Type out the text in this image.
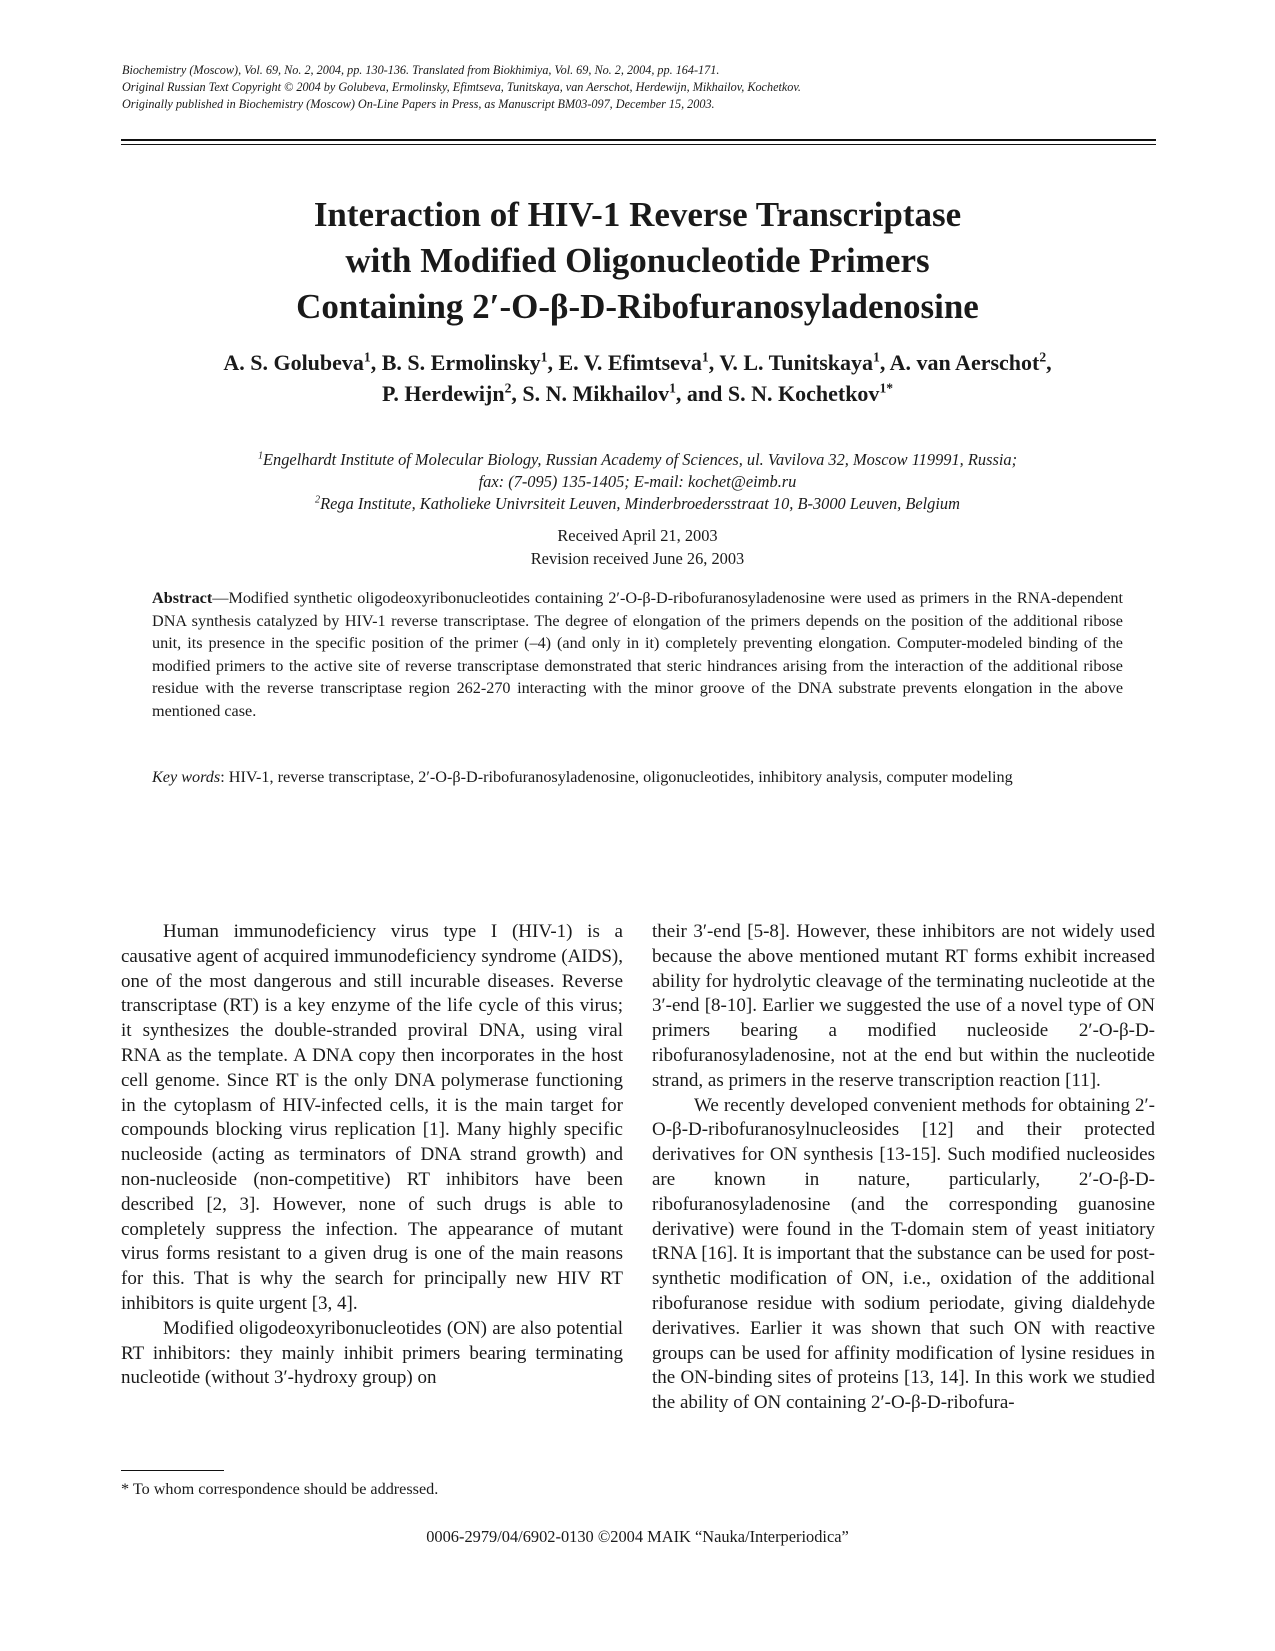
Biochemistry (Moscow), Vol. 69, No. 2, 2004, pp. 130-136. Translated from Biokhimiya, Vol. 69, No. 2, 2004, pp. 164-171.
Original Russian Text Copyright © 2004 by Golubeva, Ermolinsky, Efimtseva, Tunitskaya, van Aerschot, Herdewijn, Mikhailov, Kochetkov.
Originally published in Biochemistry (Moscow) On-Line Papers in Press, as Manuscript BM03-097, December 15, 2003.
Interaction of HIV-1 Reverse Transcriptase
with Modified Oligonucleotide Primers
Containing 2′-O-β-D-Ribofuranosyladenosine
A. S. Golubeva$^1$, B. S. Ermolinsky$^1$, E. V. Efimtseva$^1$, V. L. Tunitskaya$^1$, A. van Aerschot$^2$,
P. Herdewijn$^2$, S. N. Mikhailov$^1$, and S. N. Kochetkov$^{1*}$
$^1$Engelhardt Institute of Molecular Biology, Russian Academy of Sciences, ul. Vavilova 32, Moscow 119991, Russia;
fax: (7-095) 135-1405; E-mail: kochet@eimb.ru
$^2$Rega Institute, Katholieke Univrsiteit Leuven, Minderbroedersstraat 10, B-3000 Leuven, Belgium
Received April 21, 2003
Revision received June 26, 2003
Abstract—Modified synthetic oligodeoxyribonucleotides containing 2′-O-β-D-ribofuranosyladenosine were used as primers in the RNA-dependent DNA synthesis catalyzed by HIV-1 reverse transcriptase. The degree of elongation of the primers depends on the position of the additional ribose unit, its presence in the specific position of the primer (–4) (and only in it) completely preventing elongation. Computer-modeled binding of the modified primers to the active site of reverse transcriptase demonstrated that steric hindrances arising from the interaction of the additional ribose residue with the reverse transcriptase region 262-270 interacting with the minor groove of the DNA substrate prevents elongation in the above mentioned case.
Key words: HIV-1, reverse transcriptase, 2′-O-β-D-ribofuranosyladenosine, oligonucleotides, inhibitory analysis, computer modeling

Human immunodeficiency virus type I (HIV-1) is a causative agent of acquired immunodeficiency syndrome (AIDS), one of the most dangerous and still incurable diseases. Reverse transcriptase (RT) is a key enzyme of the life cycle of this virus; it synthesizes the double-stranded proviral DNA, using viral RNA as the template. A DNA copy then incorporates in the host cell genome. Since RT is the only DNA polymerase functioning in the cytoplasm of HIV-infected cells, it is the main target for compounds blocking virus replication [1]. Many highly specific nucleoside (acting as terminators of DNA strand growth) and non-nucleoside (non-competitive) RT inhibitors have been described [2, 3]. However, none of such drugs is able to completely suppress the infection. The appearance of mutant virus forms resistant to a given drug is one of the main reasons for this. That is why the search for principally new HIV RT inhibitors is quite urgent [3, 4].

Modified oligodeoxyribonucleotides (ON) are also potential RT inhibitors: they mainly inhibit primers bearing terminating nucleotide (without 3′-hydroxy group) on

their 3′-end [5-8]. However, these inhibitors are not widely used because the above mentioned mutant RT forms exhibit increased ability for hydrolytic cleavage of the terminating nucleotide at the 3′-end [8-10]. Earlier we suggested the use of a novel type of ON primers bearing a modified nucleoside 2′-O-β-D-ribofuranosyladenosine, not at the end but within the nucleotide strand, as primers in the reserve transcription reaction [11].

We recently developed convenient methods for obtaining 2′-O-β-D-ribofuranosylnucleosides [12] and their protected derivatives for ON synthesis [13-15]. Such modified nucleosides are known in nature, particularly, 2′-O-β-D-ribofuranosyladenosine (and the corresponding guanosine derivative) were found in the T-domain stem of yeast initiatory tRNA [16]. It is important that the substance can be used for post-synthetic modification of ON, i.e., oxidation of the additional ribofuranose residue with sodium periodate, giving dialdehyde derivatives. Earlier it was shown that such ON with reactive groups can be used for affinity modification of lysine residues in the ON-binding sites of proteins [13, 14]. In this work we studied the ability of ON containing 2′-O-β-D-ribofura-

* To whom correspondence should be addressed.
0006-2979/04/6902-0130 ©2004 MAIK “Nauka/Interperiodica”
